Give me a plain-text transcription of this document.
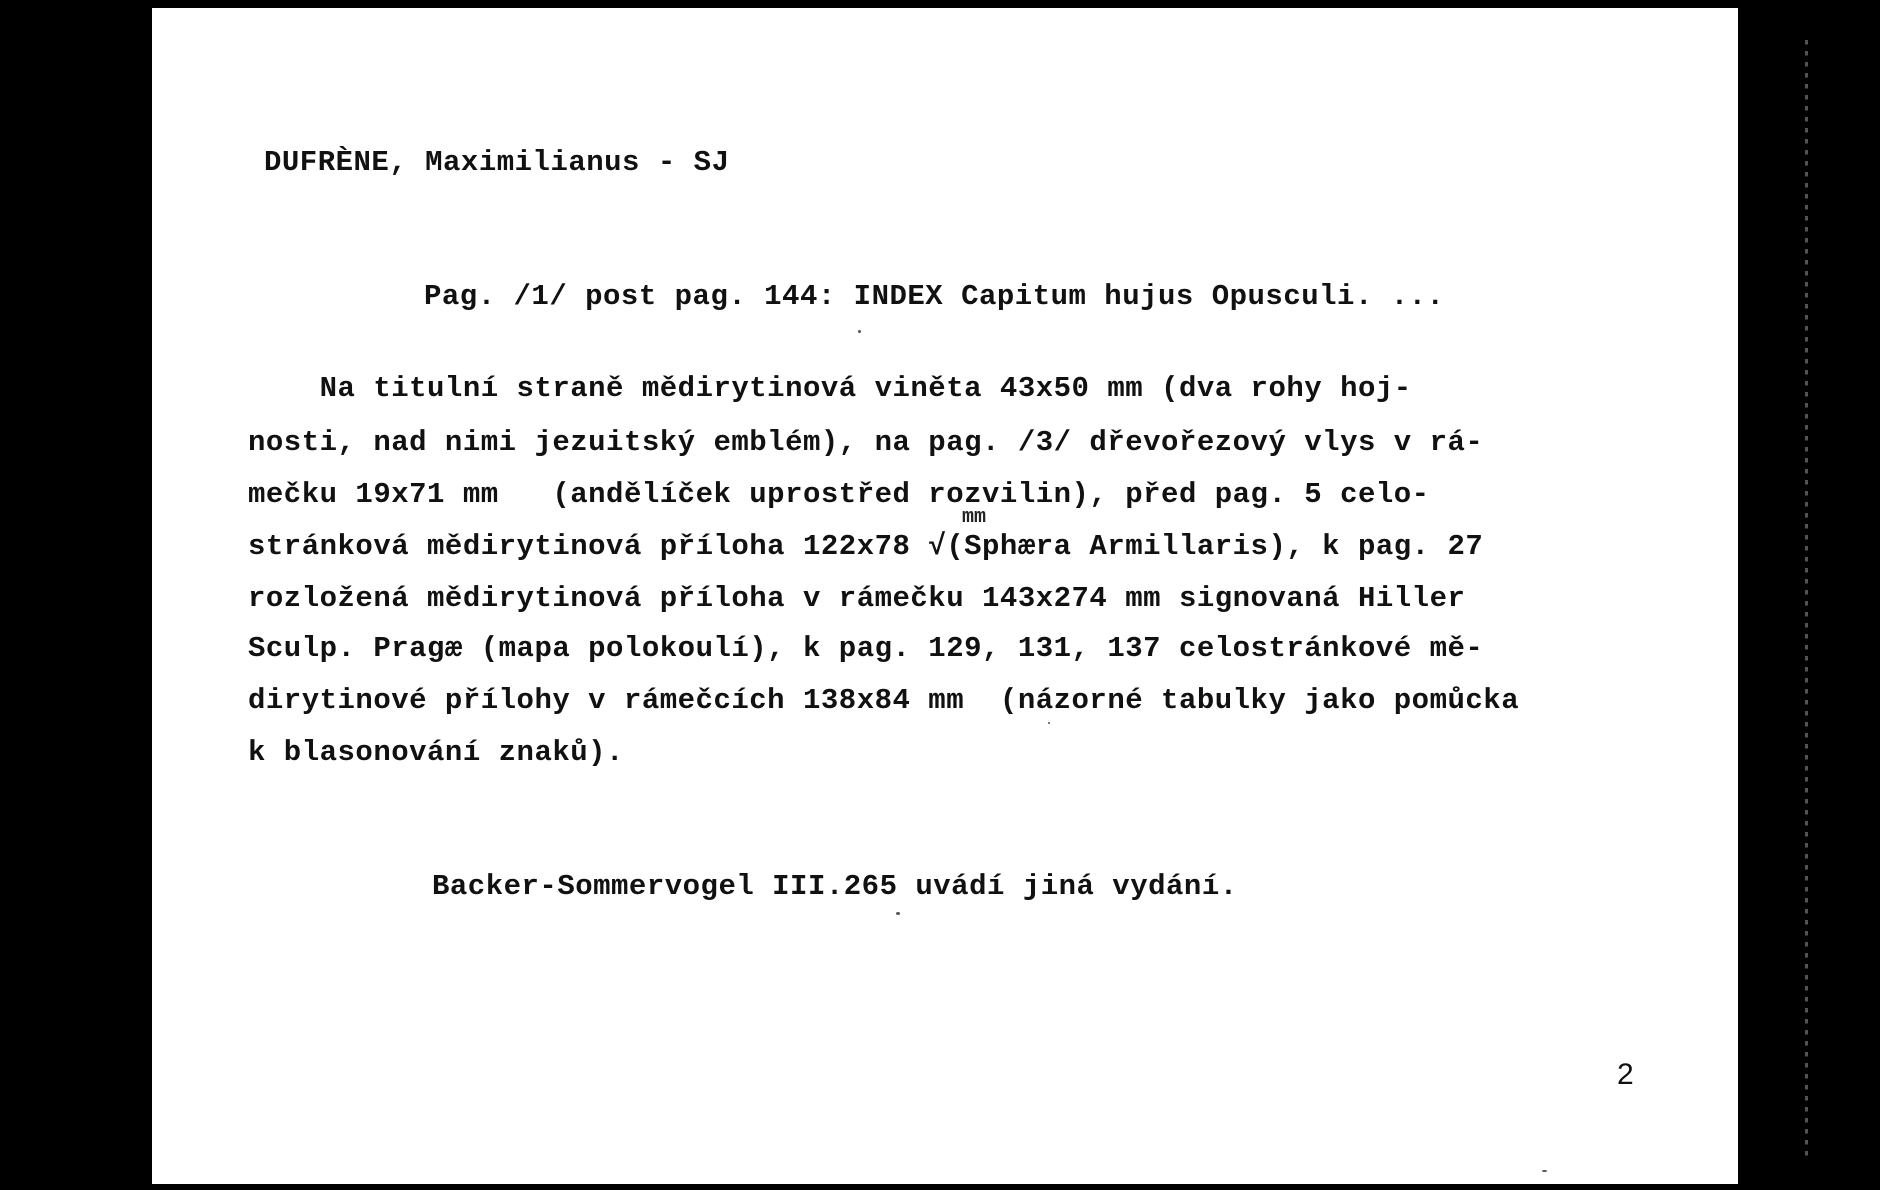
DUFRÈNE, Maximilianus - SJ

Pag. /1/ post pag. 144: INDEX Capitum hujus Opusculi. ...

Na titulní straně mědirytinová viněta 43x50 mm (dva rohy hoj-

nosti, nad nimi jezuitský emblém), na pag. /3/ dřevořezový vlys v rá-

mečku 19x71 mm   (andělíček uprostřed rozvilin), před pag. 5 celo-

stránková mědirytinová příloha 122x78 √(Sphæra Armillaris), k pag. 27

rozložená mědirytinová příloha v rámečku 143x274 mm signovaná Hiller

Sculp. Pragæ (mapa polokoulí), k pag. 129, 131, 137 celostránkové mě-

dirytinové přílohy v rámečcích 138x84 mm  (názorné tabulky jako pomůcka

k blasonování znaků).

mm

Backer-Sommervogel III.265 uvádí jiná vydání.

2
